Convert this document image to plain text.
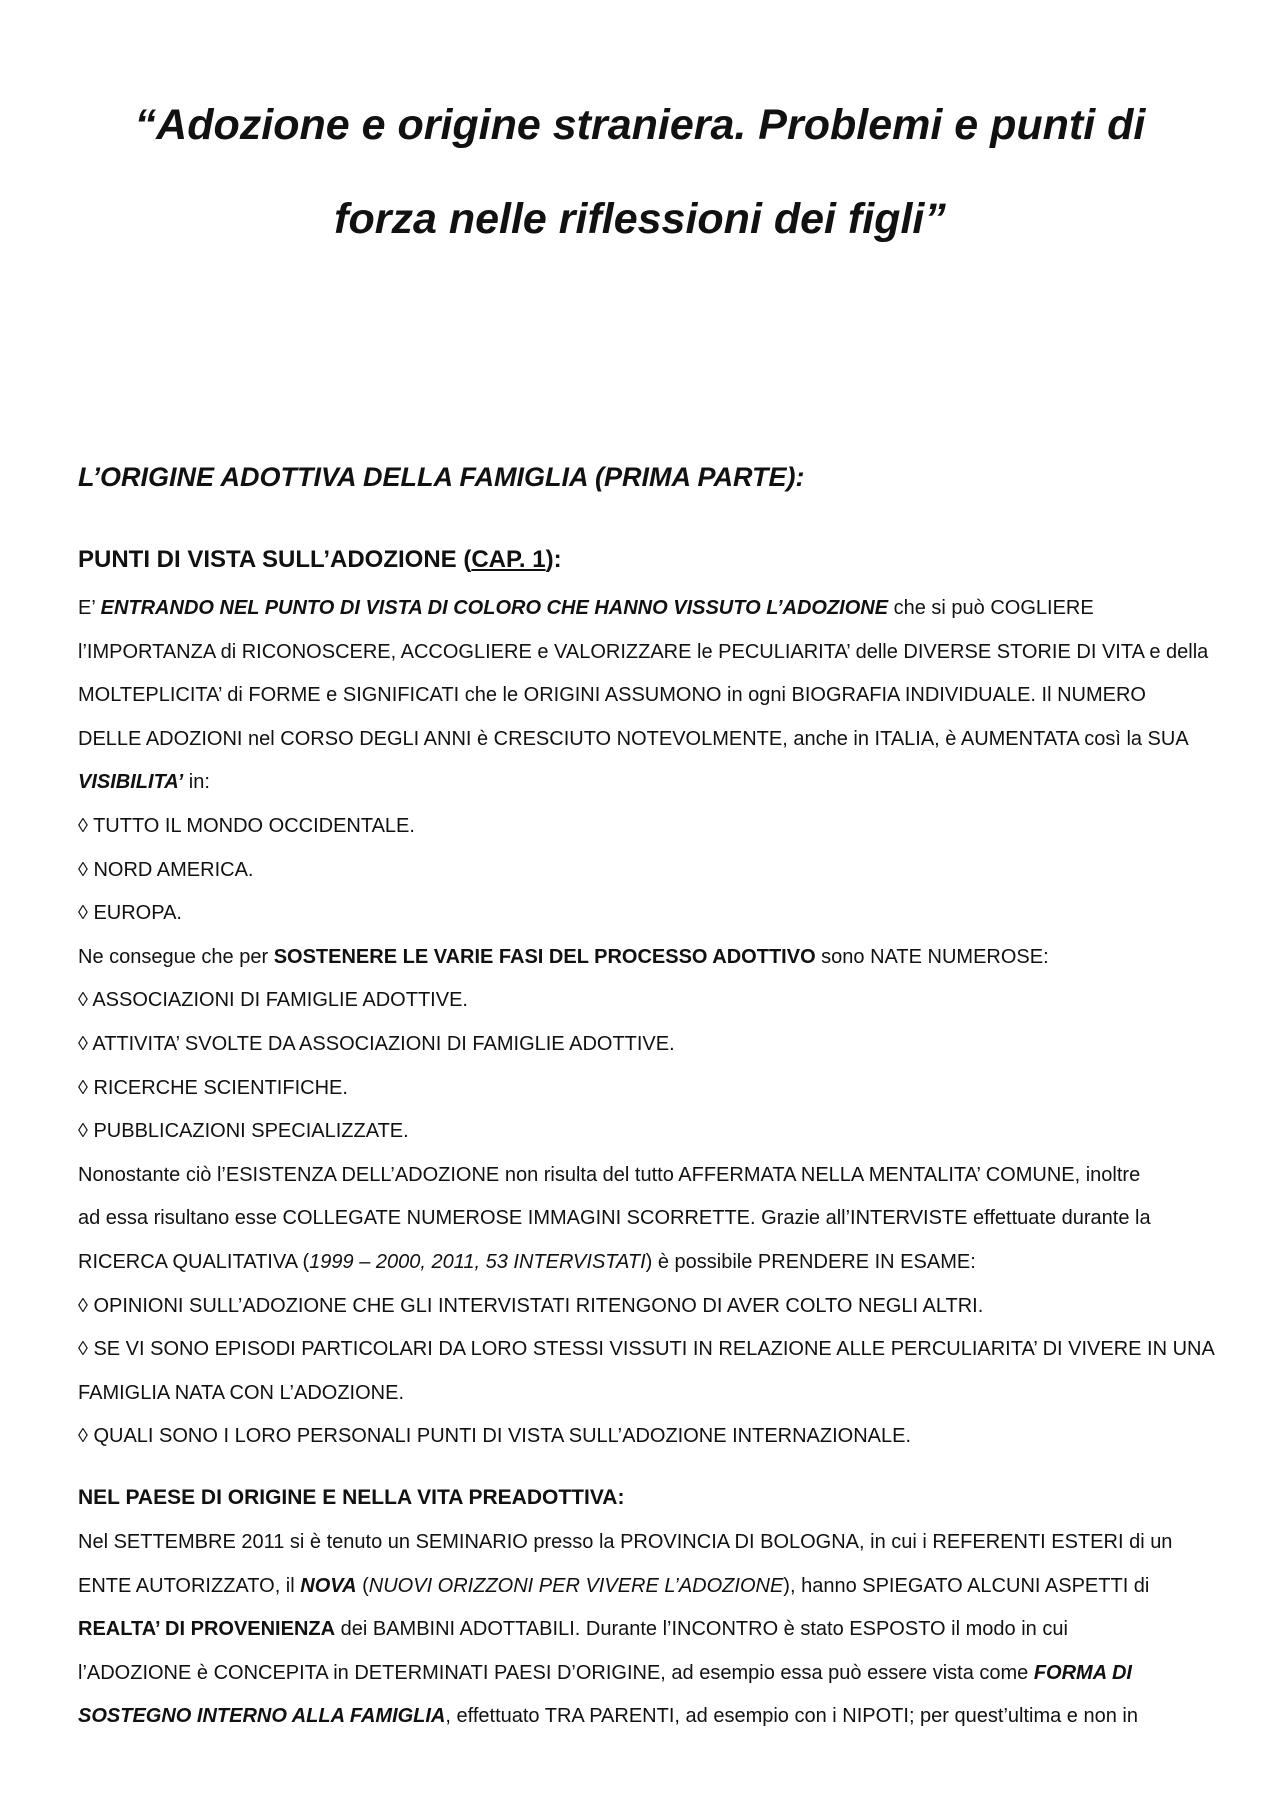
“Adozione e origine straniera. Problemi e punti di
forza nelle riflessioni dei figli”
L’ORIGINE ADOTTIVA DELLA FAMIGLIA (PRIMA PARTE):
PUNTI DI VISTA SULL’ADOZIONE (CAP. 1):
E’ ENTRANDO NEL PUNTO DI VISTA DI COLORO CHE HANNO VISSUTO L’ADOZIONE che si può COGLIERE
l’IMPORTANZA di RICONOSCERE, ACCOGLIERE e VALORIZZARE le PECULIARITA’ delle DIVERSE STORIE DI VITA e della
MOLTEPLICITA’ di FORME e SIGNIFICATI che le ORIGINI ASSUMONO in ogni BIOGRAFIA INDIVIDUALE. Il NUMERO
DELLE ADOZIONI nel CORSO DEGLI ANNI è CRESCIUTO NOTEVOLMENTE, anche in ITALIA, è AUMENTATA così la SUA
VISIBILITA’ in:
◊ TUTTO IL MONDO OCCIDENTALE.
◊ NORD AMERICA.
◊ EUROPA.
Ne consegue che per SOSTENERE LE VARIE FASI DEL PROCESSO ADOTTIVO sono NATE NUMEROSE:
◊ ASSOCIAZIONI DI FAMIGLIE ADOTTIVE.
◊ ATTIVITA’ SVOLTE DA ASSOCIAZIONI DI FAMIGLIE ADOTTIVE.
◊ RICERCHE SCIENTIFICHE.
◊ PUBBLICAZIONI SPECIALIZZATE.
Nonostante ciò l’ESISTENZA DELL’ADOZIONE non risulta del tutto AFFERMATA NELLA MENTALITA’ COMUNE, inoltre
ad essa risultano esse COLLEGATE NUMEROSE IMMAGINI SCORRETTE. Grazie all’INTERVISTE effettuate durante la
RICERCA QUALITATIVA (1999 – 2000, 2011, 53 INTERVISTATI) è possibile PRENDERE IN ESAME:
◊ OPINIONI SULL’ADOZIONE CHE GLI INTERVISTATI RITENGONO DI AVER COLTO NEGLI ALTRI.
◊ SE VI SONO EPISODI PARTICOLARI DA LORO STESSI VISSUTI IN RELAZIONE ALLE PERCULIARITA’ DI VIVERE IN UNA
FAMIGLIA NATA CON L’ADOZIONE.
◊ QUALI SONO I LORO PERSONALI PUNTI DI VISTA SULL’ADOZIONE INTERNAZIONALE.
NEL PAESE DI ORIGINE E NELLA VITA PREADOTTIVA:
Nel SETTEMBRE 2011 si è tenuto un SEMINARIO presso la PROVINCIA DI BOLOGNA, in cui i REFERENTI ESTERI di un
ENTE AUTORIZZATO, il NOVA (NUOVI ORIZZONI PER VIVERE L’ADOZIONE), hanno SPIEGATO ALCUNI ASPETTI di
REALTA’ DI PROVENIENZA dei BAMBINI ADOTTABILI. Durante l’INCONTRO è stato ESPOSTO il modo in cui
l’ADOZIONE è CONCEPITA in DETERMINATI PAESI D’ORIGINE, ad esempio essa può essere vista come FORMA DI
SOSTEGNO INTERNO ALLA FAMIGLIA, effettuato TRA PARENTI, ad esempio con i NIPOTI; per quest’ultima e non in
